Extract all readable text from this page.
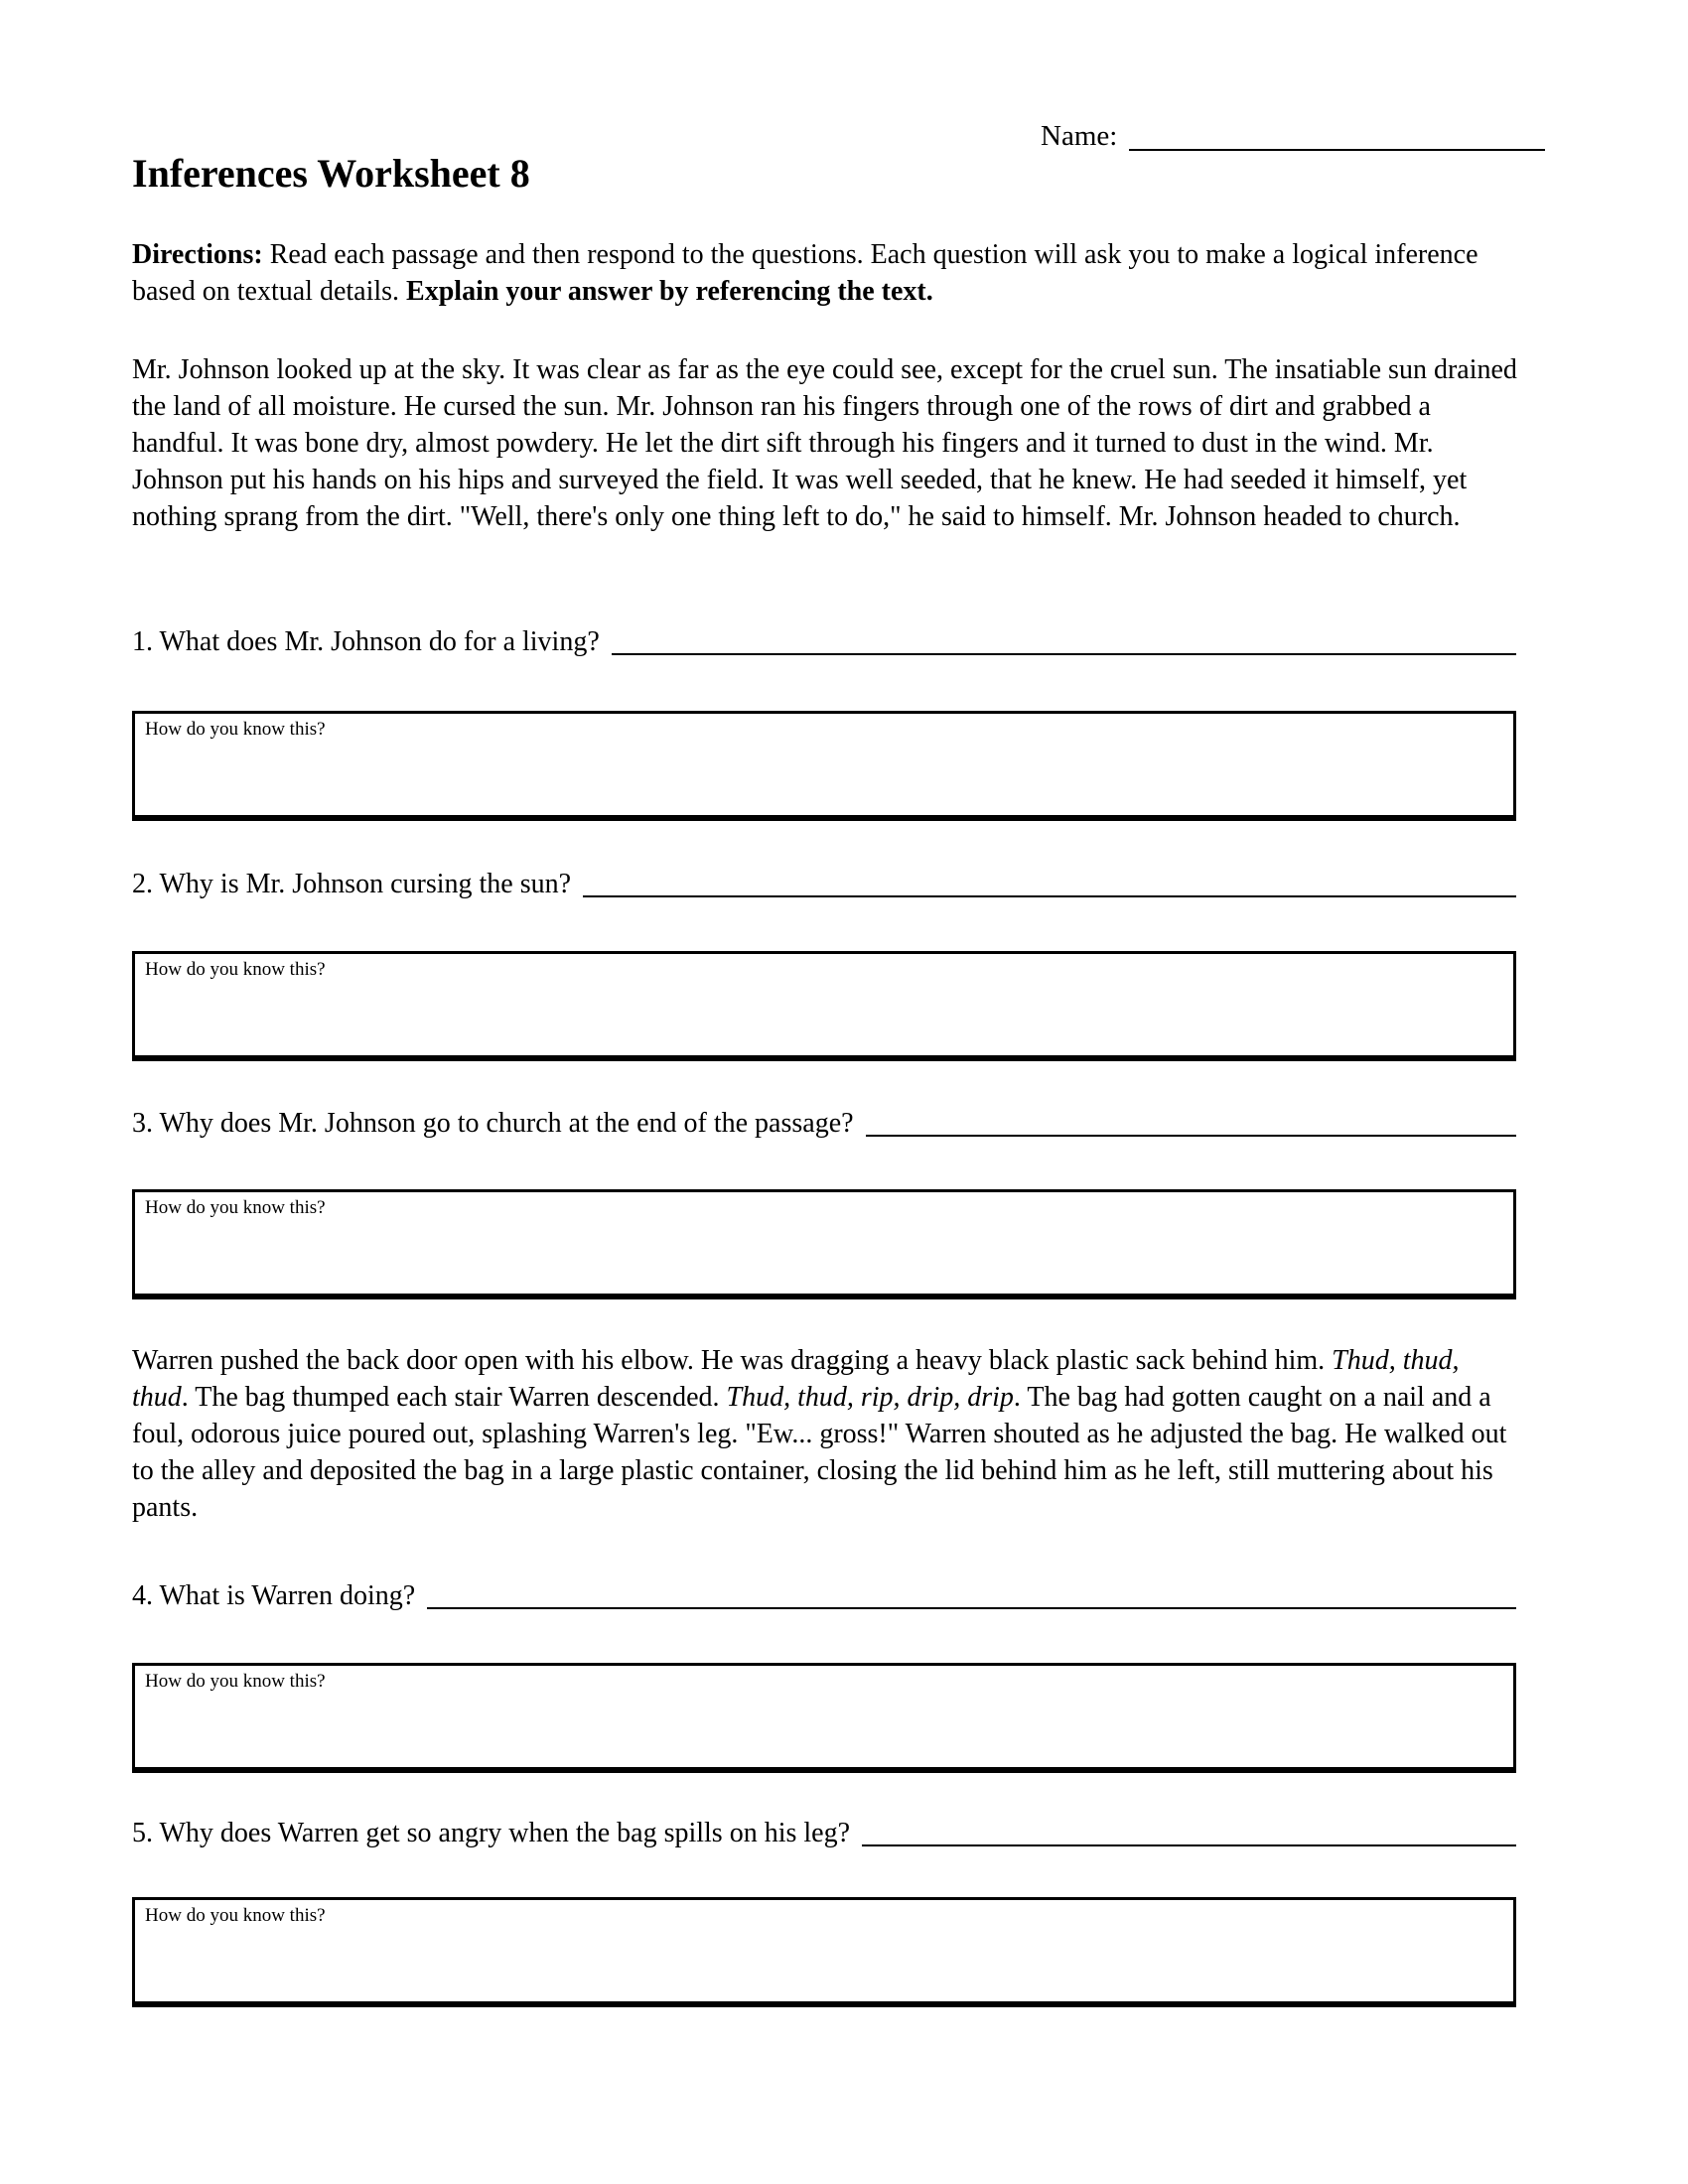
Name:
Inferences Worksheet 8
Directions: Read each passage and then respond to the questions. Each question will ask you to make a logical inference based on textual details. Explain your answer by referencing the text.
Mr. Johnson looked up at the sky. It was clear as far as the eye could see, except for the cruel sun. The insatiable sun drained the land of all moisture. He cursed the sun. Mr. Johnson ran his fingers through one of the rows of dirt and grabbed a handful. It was bone dry, almost powdery. He let the dirt sift through his fingers and it turned to dust in the wind. Mr. Johnson put his hands on his hips and surveyed the field. It was well seeded, that he knew. He had seeded it himself, yet nothing sprang from the dirt. "Well, there's only one thing left to do," he said to himself. Mr. Johnson headed to church.
1. What does Mr. Johnson do for a living?
How do you know this?
2. Why is Mr. Johnson cursing the sun?
How do you know this?
3. Why does Mr. Johnson go to church at the end of the passage?
How do you know this?
Warren pushed the back door open with his elbow. He was dragging a heavy black plastic sack behind him. Thud, thud, thud. The bag thumped each stair Warren descended. Thud, thud, rip, drip, drip. The bag had gotten caught on a nail and a foul, odorous juice poured out, splashing Warren's leg. "Ew... gross!" Warren shouted as he adjusted the bag. He walked out to the alley and deposited the bag in a large plastic container, closing the lid behind him as he left, still muttering about his pants.
4. What is Warren doing?
How do you know this?
5. Why does Warren get so angry when the bag spills on his leg?
How do you know this?
